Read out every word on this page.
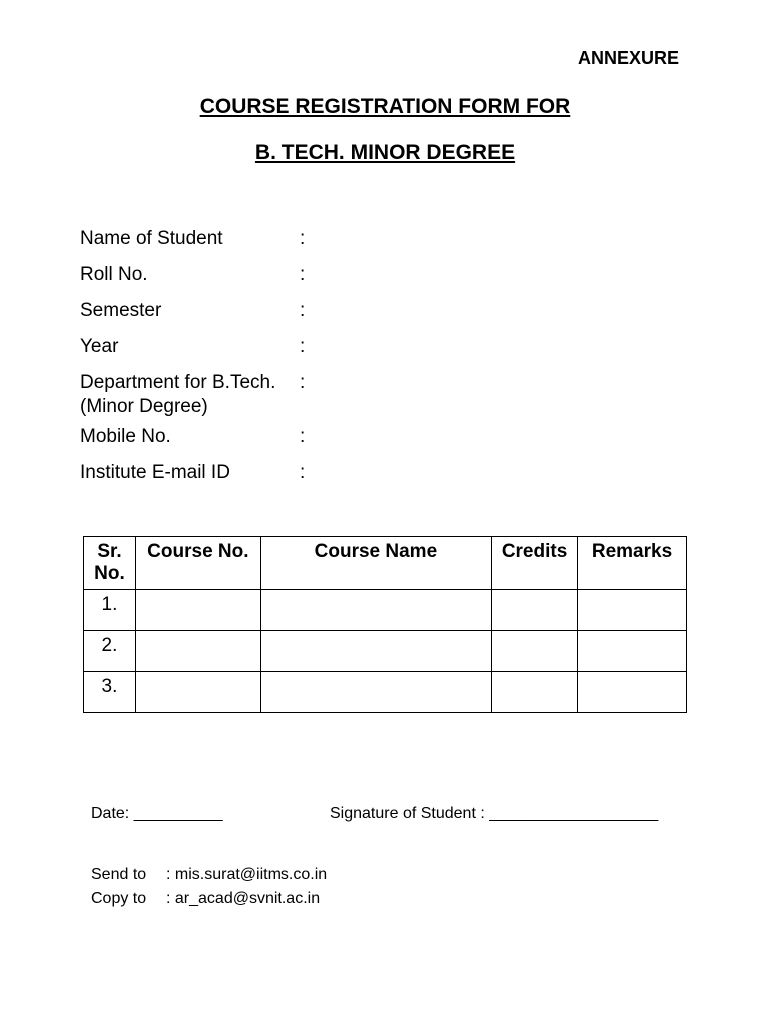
ANNEXURE
COURSE REGISTRATION FORM FOR
B. TECH. MINOR DEGREE
Name of Student	:
Roll No.	:
Semester	:
Year	:
Department for B.Tech.
(Minor Degree)
:
Mobile No.	:
Institute E-mail ID	:
Sr.
No.	Course No.	Course Name	Credits	Remarks
1.				
2.				
3.				
Date: __________	Signature of Student : ___________________
Send to : mis.surat@iitms.co.in
Copy to : ar_acad@svnit.ac.in
